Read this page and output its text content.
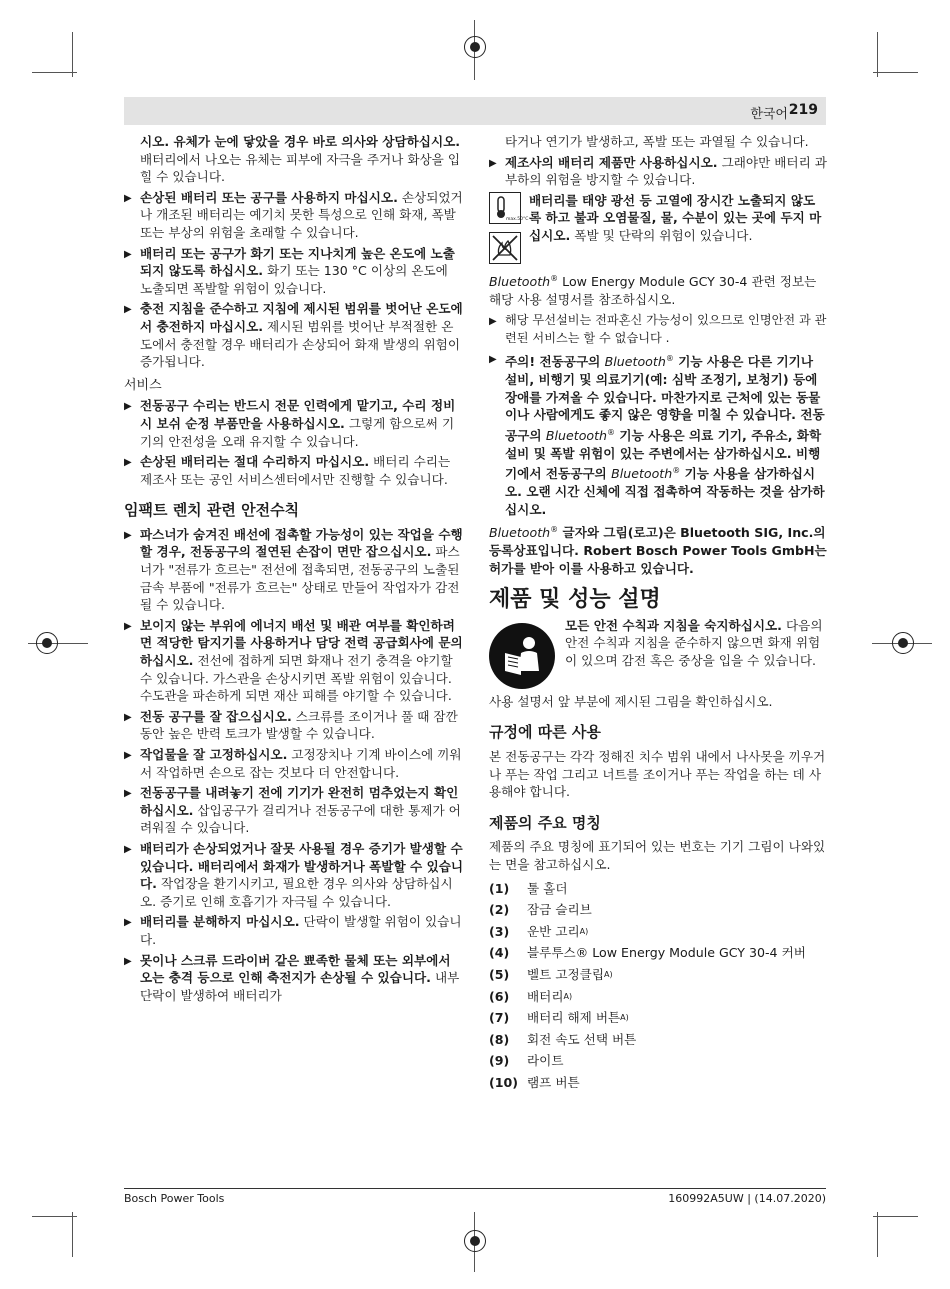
한국어 219
시오. 유체가 눈에 닿았을 경우 바로 의사와 상담하십시오. 배터리에서 나오는 유체는 피부에 자극을 주거나 화상을 입힐 수 있습니다.
▶ 손상된 배터리 또는 공구를 사용하지 마십시오. 손상되었거나 개조된 배터리는 예기치 못한 특성으로 인해 화재, 폭발 또는 부상의 위험을 초래할 수 있습니다.
▶ 배터리 또는 공구가 화기 또는 지나치게 높은 온도에 노출되지 않도록 하십시오. 화기 또는 130 °C 이상의 온도에 노출되면 폭발할 위험이 있습니다.
▶ 충전 지침을 준수하고 지침에 제시된 범위를 벗어난 온도에서 충전하지 마십시오. 제시된 범위를 벗어난 부적절한 온도에서 충전할 경우 배터리가 손상되어 화재 발생의 위험이 증가됩니다.
서비스
▶ 전동공구 수리는 반드시 전문 인력에게 맡기고, 수리 정비 시 보쉬 순정 부품만을 사용하십시오. 그렇게 함으로써 기기의 안전성을 오래 유지할 수 있습니다.
▶ 손상된 배터리는 절대 수리하지 마십시오. 배터리 수리는 제조사 또는 공인 서비스센터에서만 진행할 수 있습니다.
임팩트 렌치 관련 안전수칙
▶ 파스너가 숨겨진 배선에 접촉할 가능성이 있는 작업을 수행할 경우, 전동공구의 절연된 손잡이 면만 잡으십시오. 파스너가 "전류가 흐르는" 전선에 접촉되면, 전동공구의 노출된 금속 부품에 "전류가 흐르는" 상태로 만들어 작업자가 감전될 수 있습니다.
▶ 보이지 않는 부위에 에너지 배선 및 배관 여부를 확인하려면 적당한 탐지기를 사용하거나 담당 전력 공급회사에 문의하십시오. 전선에 접하게 되면 화재나 전기 충격을 야기할 수 있습니다. 가스관을 손상시키면 폭발 위험이 있습니다. 수도관을 파손하게 되면 재산 피해를 야기할 수 있습니다.
▶ 전동 공구를 잘 잡으십시오. 스크류를 조이거나 풀 때 잠깐 동안 높은 반력 토크가 발생할 수 있습니다.
▶ 작업물을 잘 고정하십시오. 고정장치나 기계 바이스에 끼워서 작업하면 손으로 잡는 것보다 더 안전합니다.
▶ 전동공구를 내려놓기 전에 기기가 완전히 멈추었는지 확인하십시오. 삽입공구가 걸리거나 전동공구에 대한 통제가 어려워질 수 있습니다.
▶ 배터리가 손상되었거나 잘못 사용될 경우 증기가 발생할 수 있습니다. 배터리에서 화재가 발생하거나 폭발할 수 있습니다. 작업장을 환기시키고, 필요한 경우 의사와 상담하십시오. 증기로 인해 호흡기가 자극될 수 있습니다.
▶ 배터리를 분해하지 마십시오. 단락이 발생할 위험이 있습니다.
▶ 못이나 스크류 드라이버 같은 뾰족한 물체 또는 외부에서 오는 충격 등으로 인해 축전지가 손상될 수 있습니다. 내부 단락이 발생하여 배터리가
타거나 연기가 발생하고, 폭발 또는 과열될 수 있습니다.
▶ 제조사의 배터리 제품만 사용하십시오. 그래야만 배터리 과부하의 위험을 방지할 수 있습니다.
max.50°C
배터리를 태양 광선 등 고열에 장시간 노출되지 않도록 하고 불과 오염물질, 물, 수분이 있는 곳에 두지 마십시오. 폭발 및 단락의 위험이 있습니다.
Bluetooth® Low Energy Module GCY 30-4 관련 정보는 해당 사용 설명서를 참조하십시오.
▶ 해당 무선설비는 전파혼신 가능성이 있으므로 인명안전 과 관련된 서비스는 할 수 없습니다 .
▶ 주의! 전동공구의 Bluetooth® 기능 사용은 다른 기기나 설비, 비행기 및 의료기기(예: 심박 조정기, 보청기) 등에 장애를 가져올 수 있습니다. 마찬가지로 근처에 있는 동물이나 사람에게도 좋지 않은 영향을 미칠 수 있습니다. 전동공구의 Bluetooth® 기능 사용은 의료 기기, 주유소, 화학 설비 및 폭발 위험이 있는 주변에서는 삼가하십시오. 비행기에서 전동공구의 Bluetooth® 기능 사용을 삼가하십시오. 오랜 시간 신체에 직접 접촉하여 작동하는 것을 삼가하십시오.
Bluetooth® 글자와 그림(로고)은 Bluetooth SIG, Inc.의 등록상표입니다. Robert Bosch Power Tools GmbH는 허가를 받아 이를 사용하고 있습니다.
제품 및 성능 설명
모든 안전 수칙과 지침을 숙지하십시오. 다음의 안전 수칙과 지침을 준수하지 않으면 화재 위험이 있으며 감전 혹은 중상을 입을 수 있습니다.
사용 설명서 앞 부분에 제시된 그림을 확인하십시오.
규정에 따른 사용
본 전동공구는 각각 정해진 치수 범위 내에서 나사못을 끼우거나 푸는 작업 그리고 너트를 조이거나 푸는 작업을 하는 데 사용해야 합니다.
제품의 주요 명칭
제품의 주요 명칭에 표기되어 있는 번호는 기기 그림이 나와있는 면을 참고하십시오.
(1)	툴 홀더
(2)	잠금 슬리브
(3)	운반 고리 A)
(4)	블루투스® Low Energy Module GCY 30-4 커버
(5)	벨트 고정클립 A)
(6)	배터리 A)
(7)	배터리 해제 버튼 A)
(8)	회전 속도 선택 버튼
(9)	라이트
(10) 램프 버튼
Bosch Power Tools	160992A5UW | (14.07.2020)
